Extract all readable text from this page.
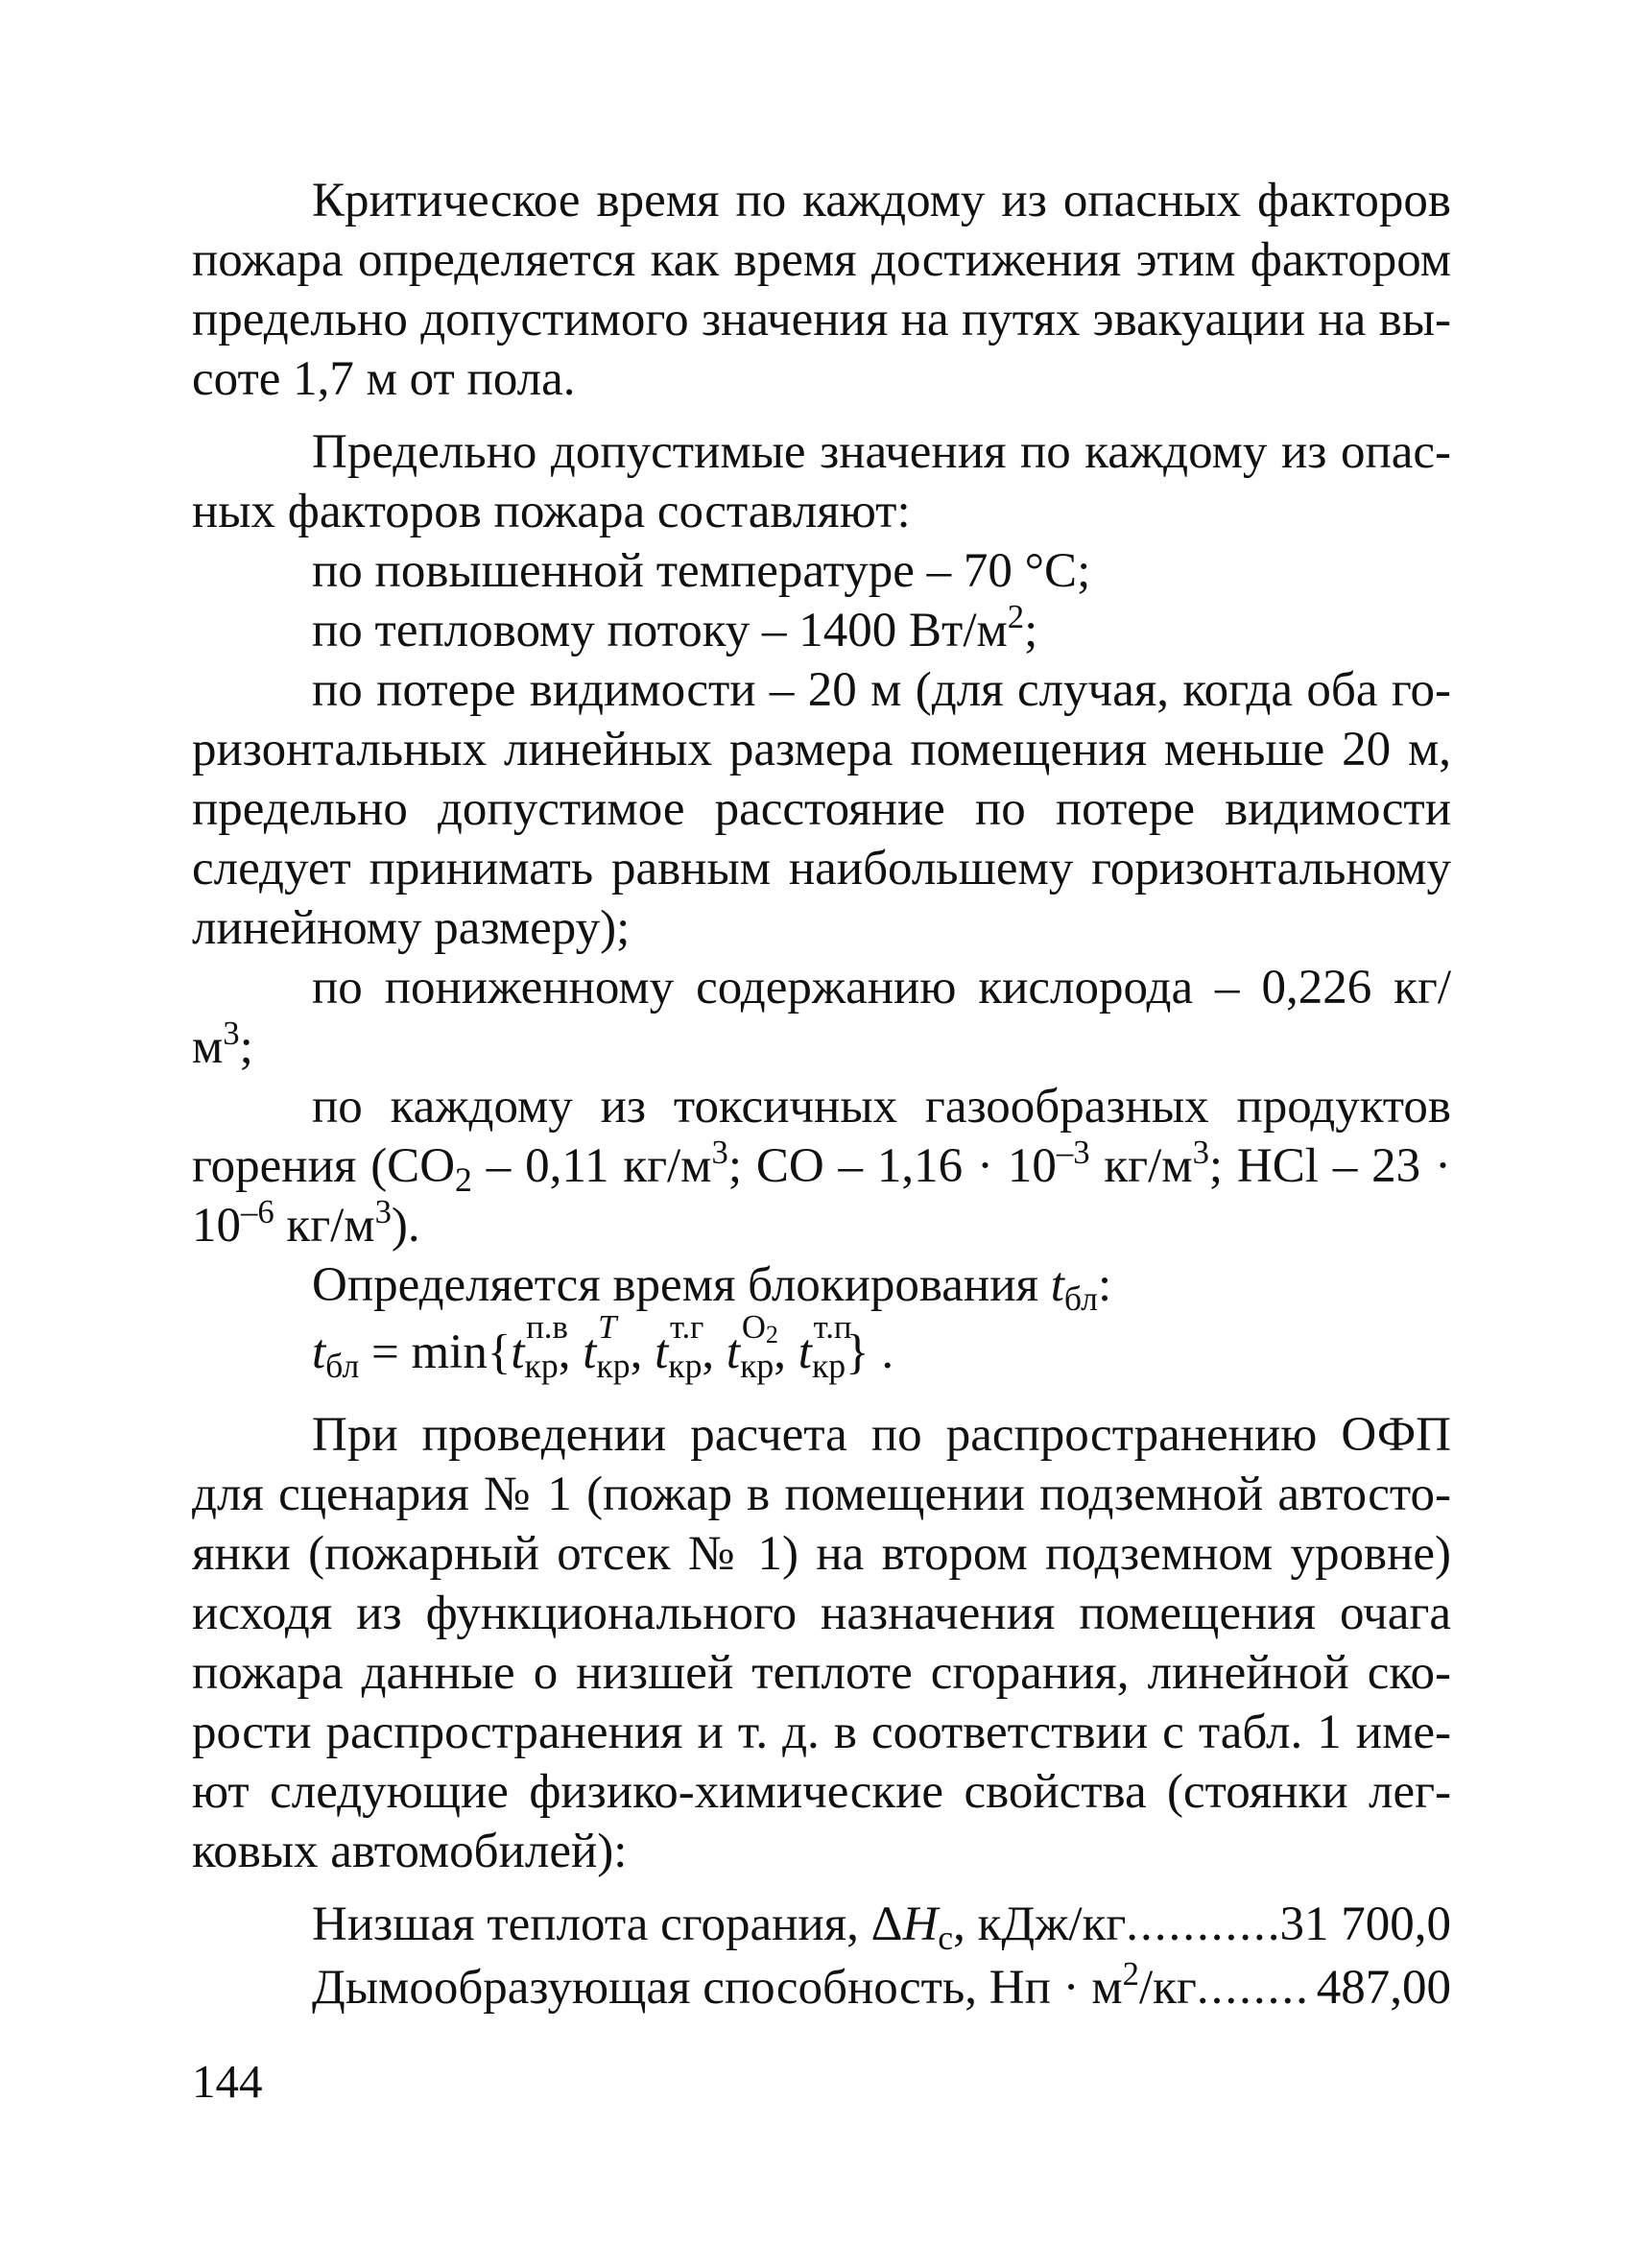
Критическое время по каждому из опасных факторов пожара определяется как время достижения этим фактором предельно допустимого значения на путях эвакуации на высоте 1,7 м от пола.

Предельно допустимые значения по каждому из опасных факторов пожара составляют:

по повышенной температуре – 70 °С;

по тепловому потоку – 1400 $Вт/м^2$;

по потере видимости – 20 м (для случая, когда оба горизонтальных линейных размера помещения меньше 20 м, предельно допустимое расстояние по потере видимости следует принимать равным наибольшему горизонтальному линейному размеру);

по пониженному содержанию кислорода – 0,226 $кг/м^3$;

по каждому из токсичных газообразных продуктов горения ($СО_2 - 0,11$ $кг/м^3$; СО – $1,16 \cdot 10^{-3}$ $кг/м^3$; НСl – $23 \cdot 10^{-6}$ $кг/м^3$).

Определяется время блокирования $t_{бл}$:

$t_{бл} = \min\{t$ п.в
кр, t T
кр, t т.г
кр, t O2
кр, t т.п
кр} .

При проведении расчета по распространению ОФП для сценария № 1 (пожар в помещении подземной автостоянки (пожарный отсек № 1) на втором подземном уровне) исходя из функционального назначения помещения очага пожара данные о низшей теплоте сгорания, линейной скорости распространения и т. д. в соответствии с табл. 1 имеют следующие физико-химические свойства (стоянки легковых автомобилей):

Низшая теплота сгорания, $\Delta H_с$, кДж/кг .....	31 700,0
Дымообразующая способность, Нп · $м^2/кг$ ..... 487,00
144
